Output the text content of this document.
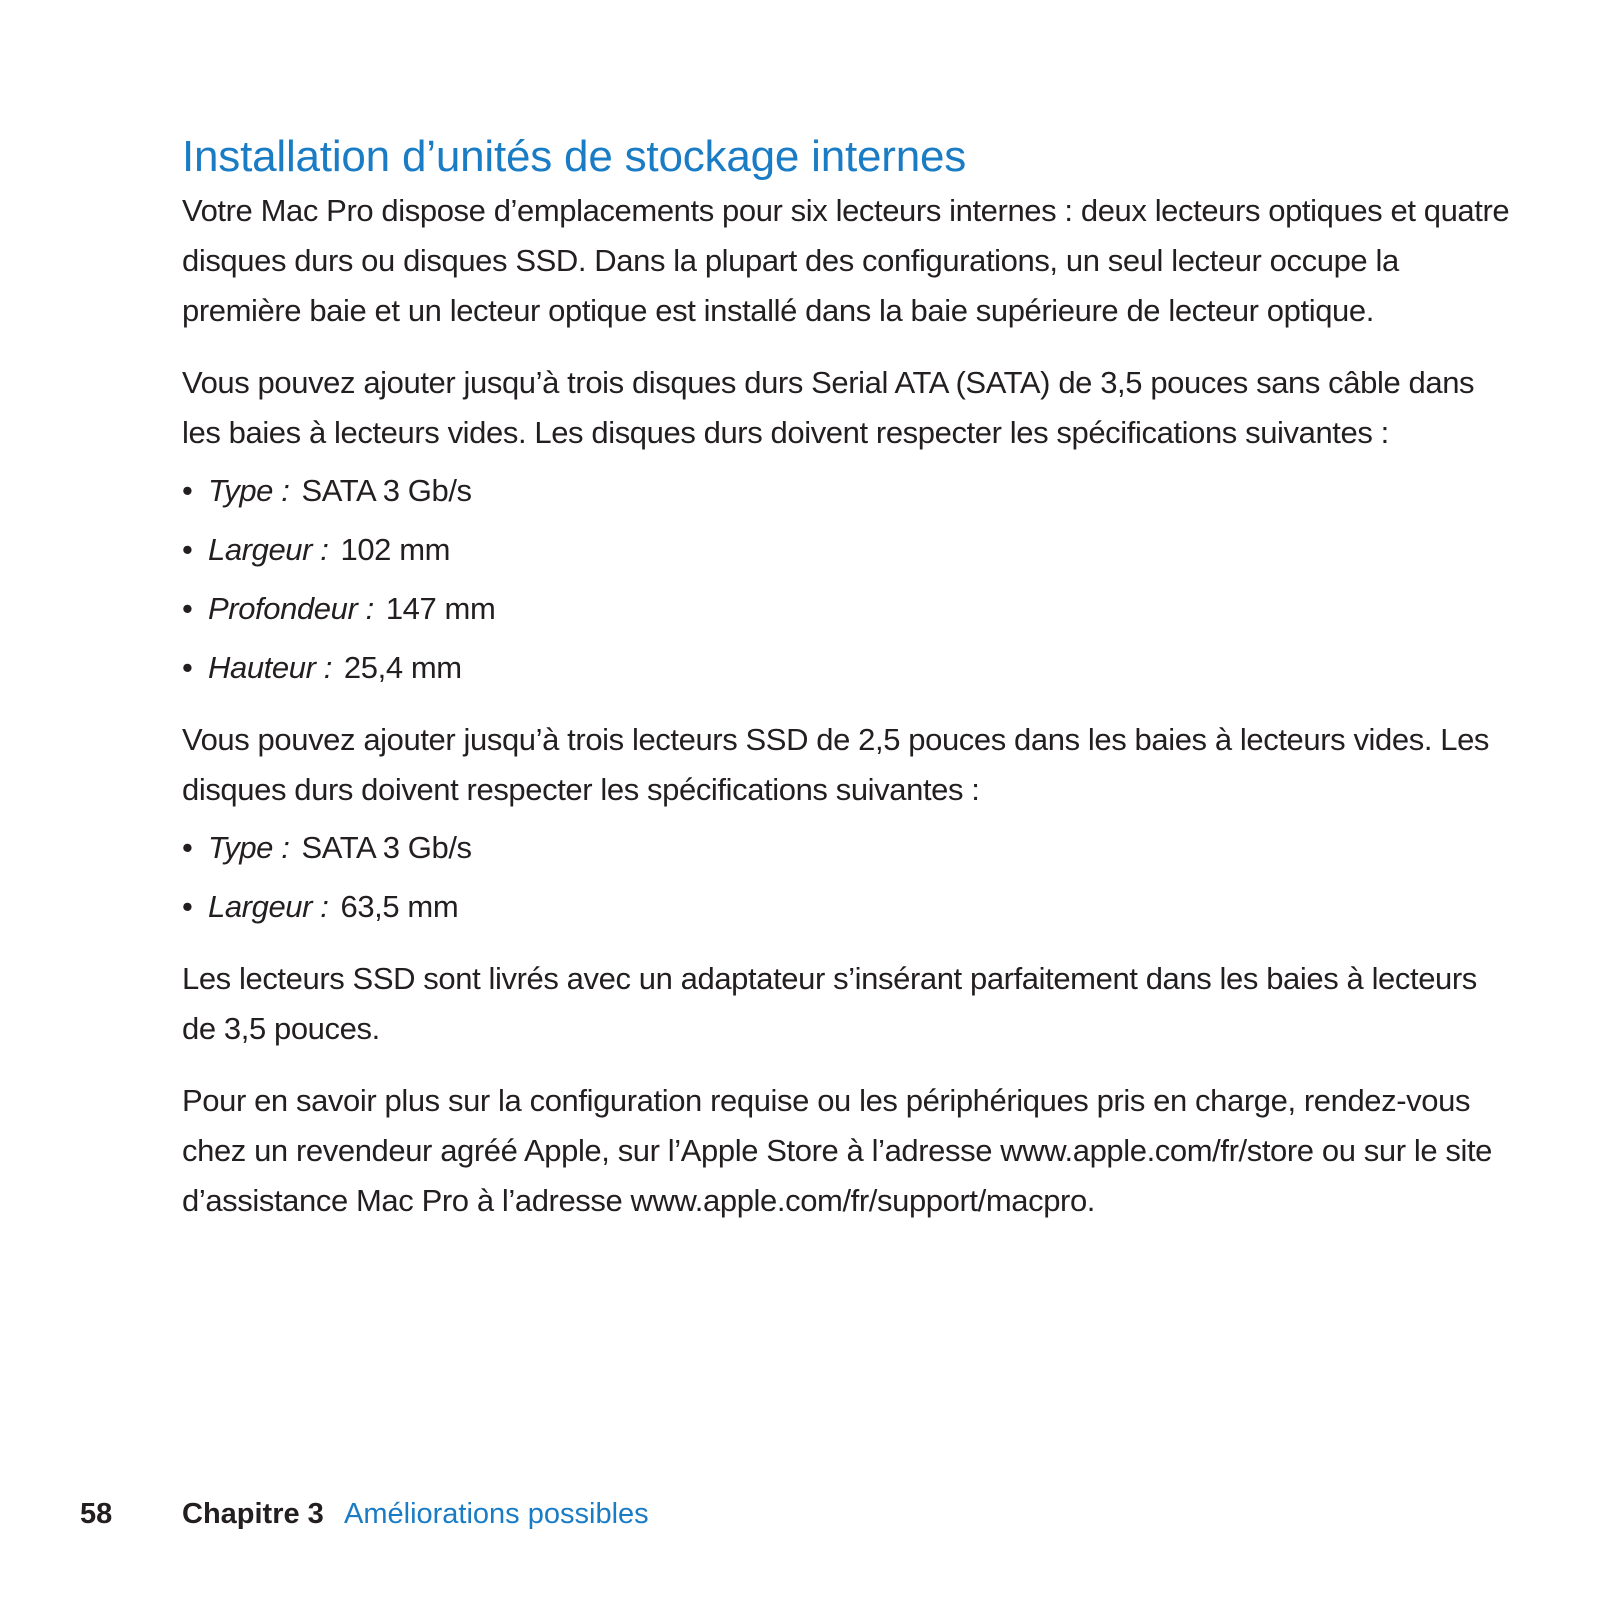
Installation d’unités de stockage internes

Votre Mac Pro dispose d’emplacements pour six lecteurs internes : deux lecteurs optiques et quatre disques durs ou disques SSD. Dans la plupart des configurations, un seul lecteur occupe la première baie et un lecteur optique est installé dans la baie supérieure de lecteur optique.

Vous pouvez ajouter jusqu’à trois disques durs Serial ATA (SATA) de 3,5 pouces sans câble dans les baies à lecteurs vides. Les disques durs doivent respecter les spécifications suivantes :

• Type : SATA 3 Gb/s
• Largeur : 102 mm
• Profondeur : 147 mm
• Hauteur : 25,4 mm

Vous pouvez ajouter jusqu’à trois lecteurs SSD de 2,5 pouces dans les baies à lecteurs vides. Les disques durs doivent respecter les spécifications suivantes :

• Type : SATA 3 Gb/s
• Largeur : 63,5 mm

Les lecteurs SSD sont livrés avec un adaptateur s’insérant parfaitement dans les baies à lecteurs de 3,5 pouces.

Pour en savoir plus sur la configuration requise ou les périphériques pris en charge, rendez-vous chez un revendeur agréé Apple, sur l’Apple Store à l’adresse www.apple.com/fr/store ou sur le site d’assistance Mac Pro à l’adresse www.apple.com/fr/support/macpro.

58 Chapitre 3 Améliorations possibles
